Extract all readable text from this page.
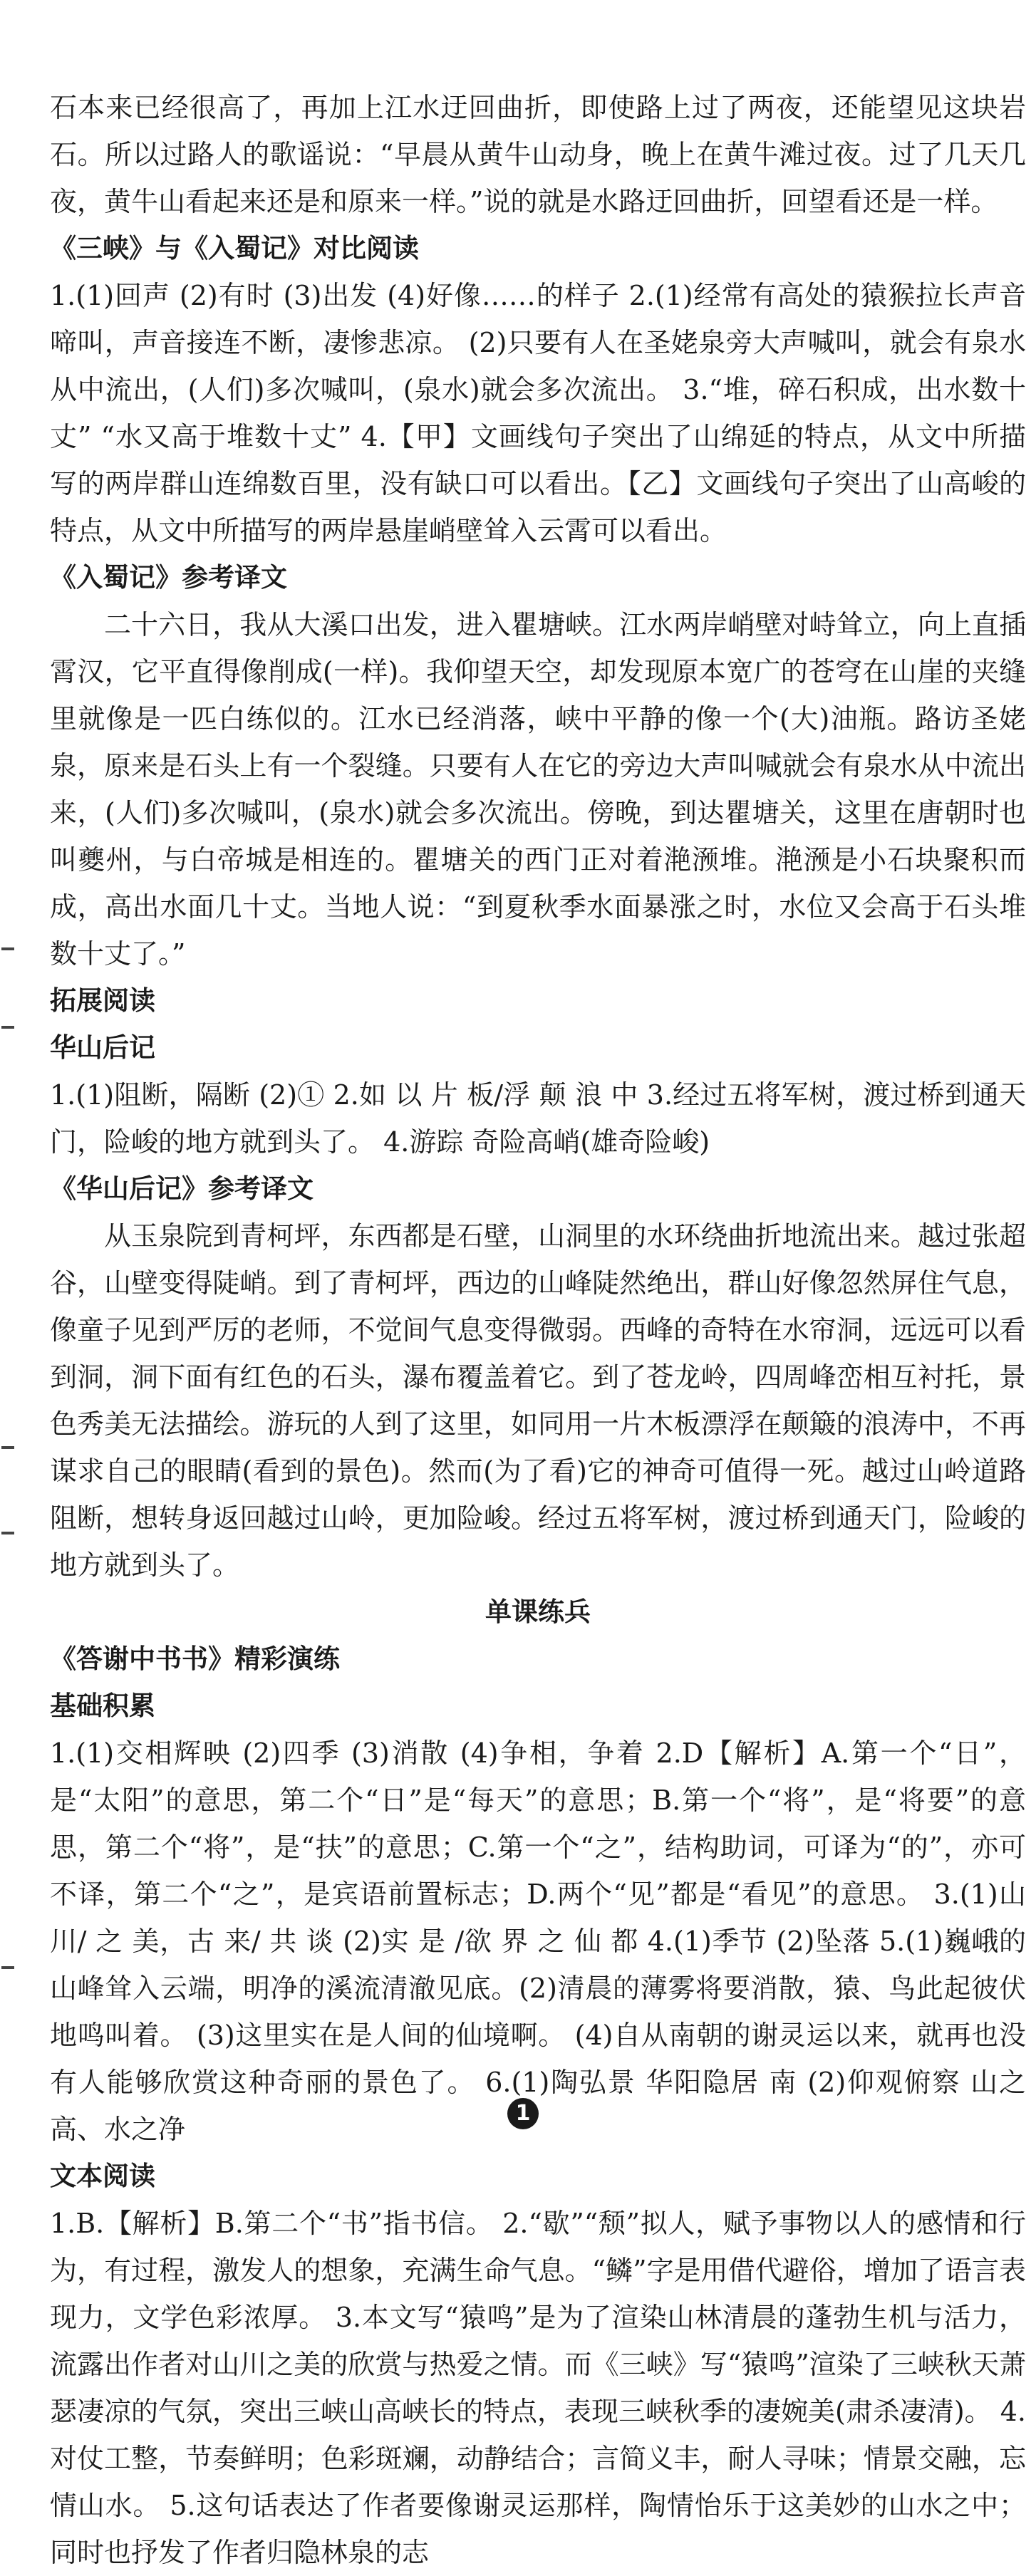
石本来已经很高了，再加上江水迂回曲折，即使路上过了两夜，还能望见这块岩石。所以过路人的歌谣说：“早晨从黄牛山动身，晚上在黄牛滩过夜。过了几天几夜，黄牛山看起来还是和原来一样。”说的就是水路迂回曲折，回望看还是一样。

《三峡》与《入蜀记》对比阅读

1.(1)回声 (2)有时 (3)出发 (4)好像……的样子 2.(1)经常有高处的猿猴拉长声音啼叫，声音接连不断，凄惨悲凉。 (2)只要有人在圣姥泉旁大声喊叫，就会有泉水从中流出，(人们)多次喊叫，(泉水)就会多次流出。 3.“堆，碎石积成，出水数十丈” “水又高于堆数十丈” 4.【甲】文画线句子突出了山绵延的特点，从文中所描写的两岸群山连绵数百里，没有缺口可以看出。【乙】文画线句子突出了山高峻的特点，从文中所描写的两岸悬崖峭壁耸入云霄可以看出。

《入蜀记》参考译文

二十六日，我从大溪口出发，进入瞿塘峡。江水两岸峭壁对峙耸立，向上直插霄汉，它平直得像削成(一样)。我仰望天空，却发现原本宽广的苍穹在山崖的夹缝里就像是一匹白练似的。江水已经消落，峡中平静的像一个(大)油瓶。路访圣姥泉，原来是石头上有一个裂缝。只要有人在它的旁边大声叫喊就会有泉水从中流出来，(人们)多次喊叫，(泉水)就会多次流出。傍晚，到达瞿塘关，这里在唐朝时也叫夔州，与白帝城是相连的。瞿塘关的西门正对着滟滪堆。滟滪是小石块聚积而成，高出水面几十丈。当地人说：“到夏秋季水面暴涨之时，水位又会高于石头堆数十丈了。”

拓展阅读
华山后记

1.(1)阻断，隔断 (2)① 2.如 以 片 板/浮 颠 浪 中 3.经过五将军树，渡过桥到通天门，险峻的地方就到头了。 4.游踪 奇险高峭(雄奇险峻)

《华山后记》参考译文

从玉泉院到青柯坪，东西都是石壁，山洞里的水环绕曲折地流出来。越过张超谷，山壁变得陡峭。到了青柯坪，西边的山峰陡然绝出，群山好像忽然屏住气息，像童子见到严厉的老师，不觉间气息变得微弱。西峰的奇特在水帘洞，远远可以看到洞，洞下面有红色的石头，瀑布覆盖着它。到了苍龙岭，四周峰峦相互衬托，景色秀美无法描绘。游玩的人到了这里，如同用一片木板漂浮在颠簸的浪涛中，不再谋求自己的眼睛(看到的景色)。然而(为了看)它的神奇可值得一死。越过山岭道路阻断，想转身返回越过山岭，更加险峻。经过五将军树，渡过桥到通天门，险峻的地方就到头了。

单课练兵
《答谢中书书》精彩演练
基础积累

1.(1)交相辉映 (2)四季 (3)消散 (4)争相，争着 2.D【解析】A.第一个“日”，是“太阳”的意思，第二个“日”是“每天”的意思；B.第一个“将”，是“将要”的意思，第二个“将”，是“扶”的意思；C.第一个“之”，结构助词，可译为“的”，亦可不译，第二个“之”，是宾语前置标志；D.两个“见”都是“看见”的意思。 3.(1)山 川/ 之 美，古 来/ 共 谈 (2)实 是 /欲 界 之 仙 都 4.(1)季节 (2)坠落 5.(1)巍峨的山峰耸入云端，明净的溪流清澈见底。(2)清晨的薄雾将要消散，猿、鸟此起彼伏地鸣叫着。 (3)这里实在是人间的仙境啊。 (4)自从南朝的谢灵运以来，就再也没有人能够欣赏这种奇丽的景色了。 6.(1)陶弘景 华阳隐居 南 (2)仰观俯察 山之高、水之净

文本阅读

1.B.【解析】B.第二个“书”指书信。 2.“歇”“颓”拟人，赋予事物以人的感情和行为，有过程，激发人的想象，充满生命气息。“鳞”字是用借代避俗，增加了语言表现力，文学色彩浓厚。 3.本文写“猿鸣”是为了渲染山林清晨的蓬勃生机与活力，流露出作者对山川之美的欣赏与热爱之情。而《三峡》写“猿鸣”渲染了三峡秋天萧瑟凄凉的气氛，突出三峡山高峡长的特点，表现三峡秋季的凄婉美(肃杀凄清)。 4.对仗工整，节奏鲜明；色彩斑斓，动静结合；言简义丰，耐人寻味；情景交融，忘情山水。 5.这句话表达了作者要像谢灵运那样，陶情怡乐于这美妙的山水之中；同时也抒发了作者归隐林泉的志

1
